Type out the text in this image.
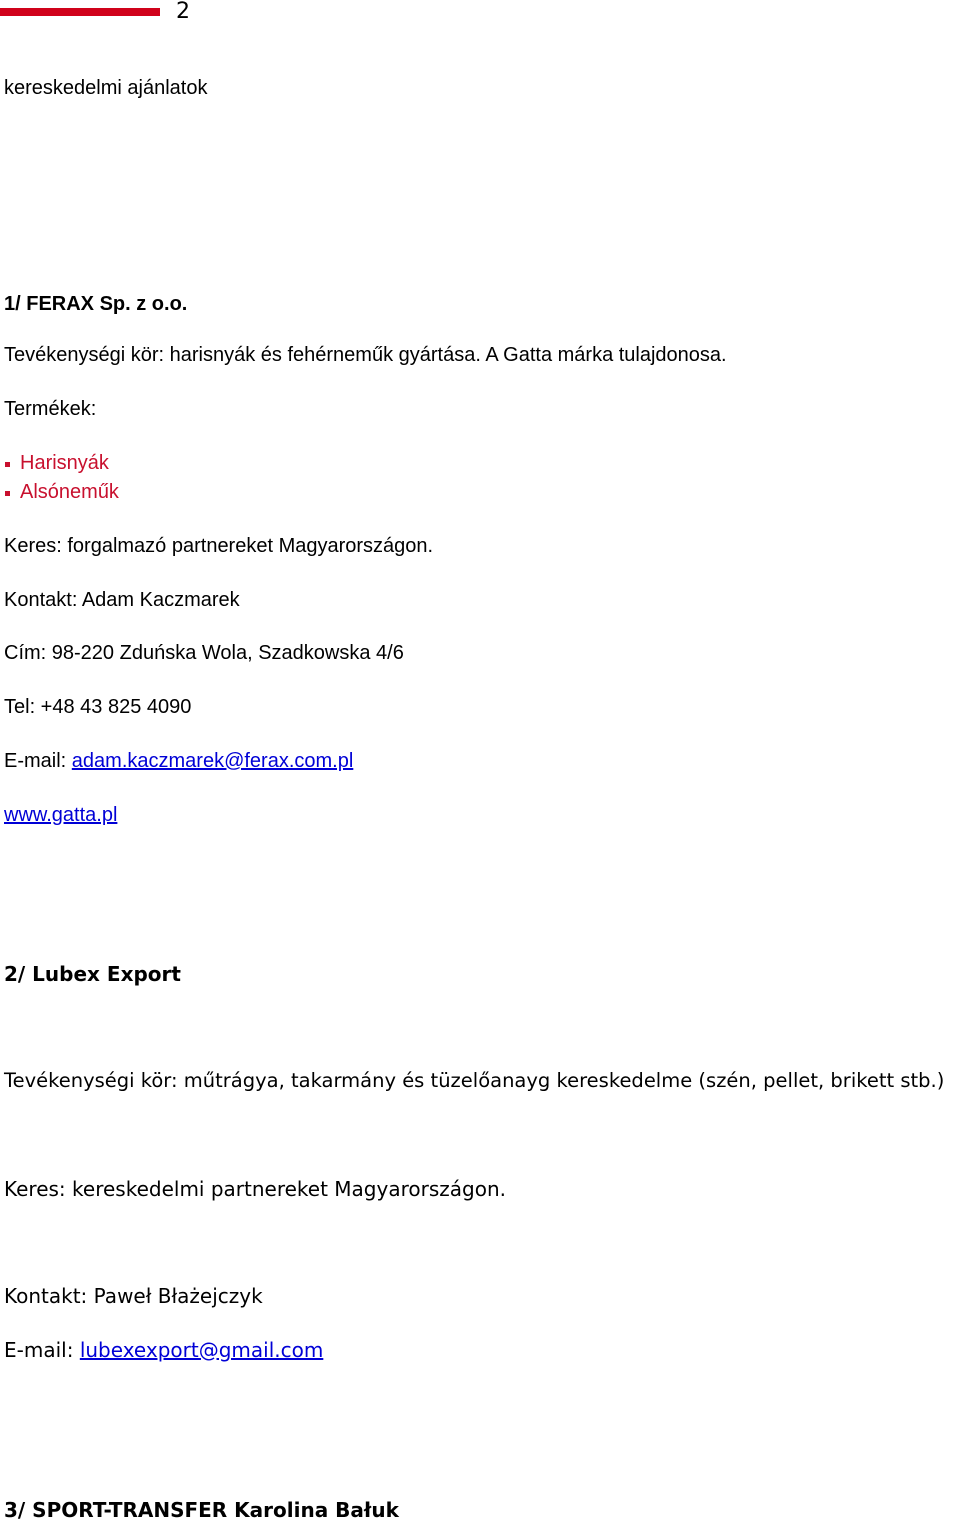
2
kereskedelmi ajánlatok
1/ FERAX Sp. z o.o.
Tevékenységi kör: harisnyák és fehérneműk gyártása. A Gatta márka tulajdonosa.
Termékek:
Harisnyák
Alsóneműk
Keres: forgalmazó partnereket Magyarországon.
Kontakt: Adam Kaczmarek
Cím: 98-220 Zduńska Wola, Szadkowska 4/6
Tel: +48 43 825 4090
E-mail: adam.kaczmarek@ferax.com.pl
www.gatta.pl
2/ Lubex Export
Tevékenységi kör: műtrágya, takarmány és tüzelőanayg kereskedelme (szén, pellet, brikett stb.)
Keres: kereskedelmi partnereket Magyarországon.
Kontakt: Paweł Błażejczyk
E-mail: lubexexport@gmail.com
3/ SPORT-TRANSFER Karolina Bałuk
